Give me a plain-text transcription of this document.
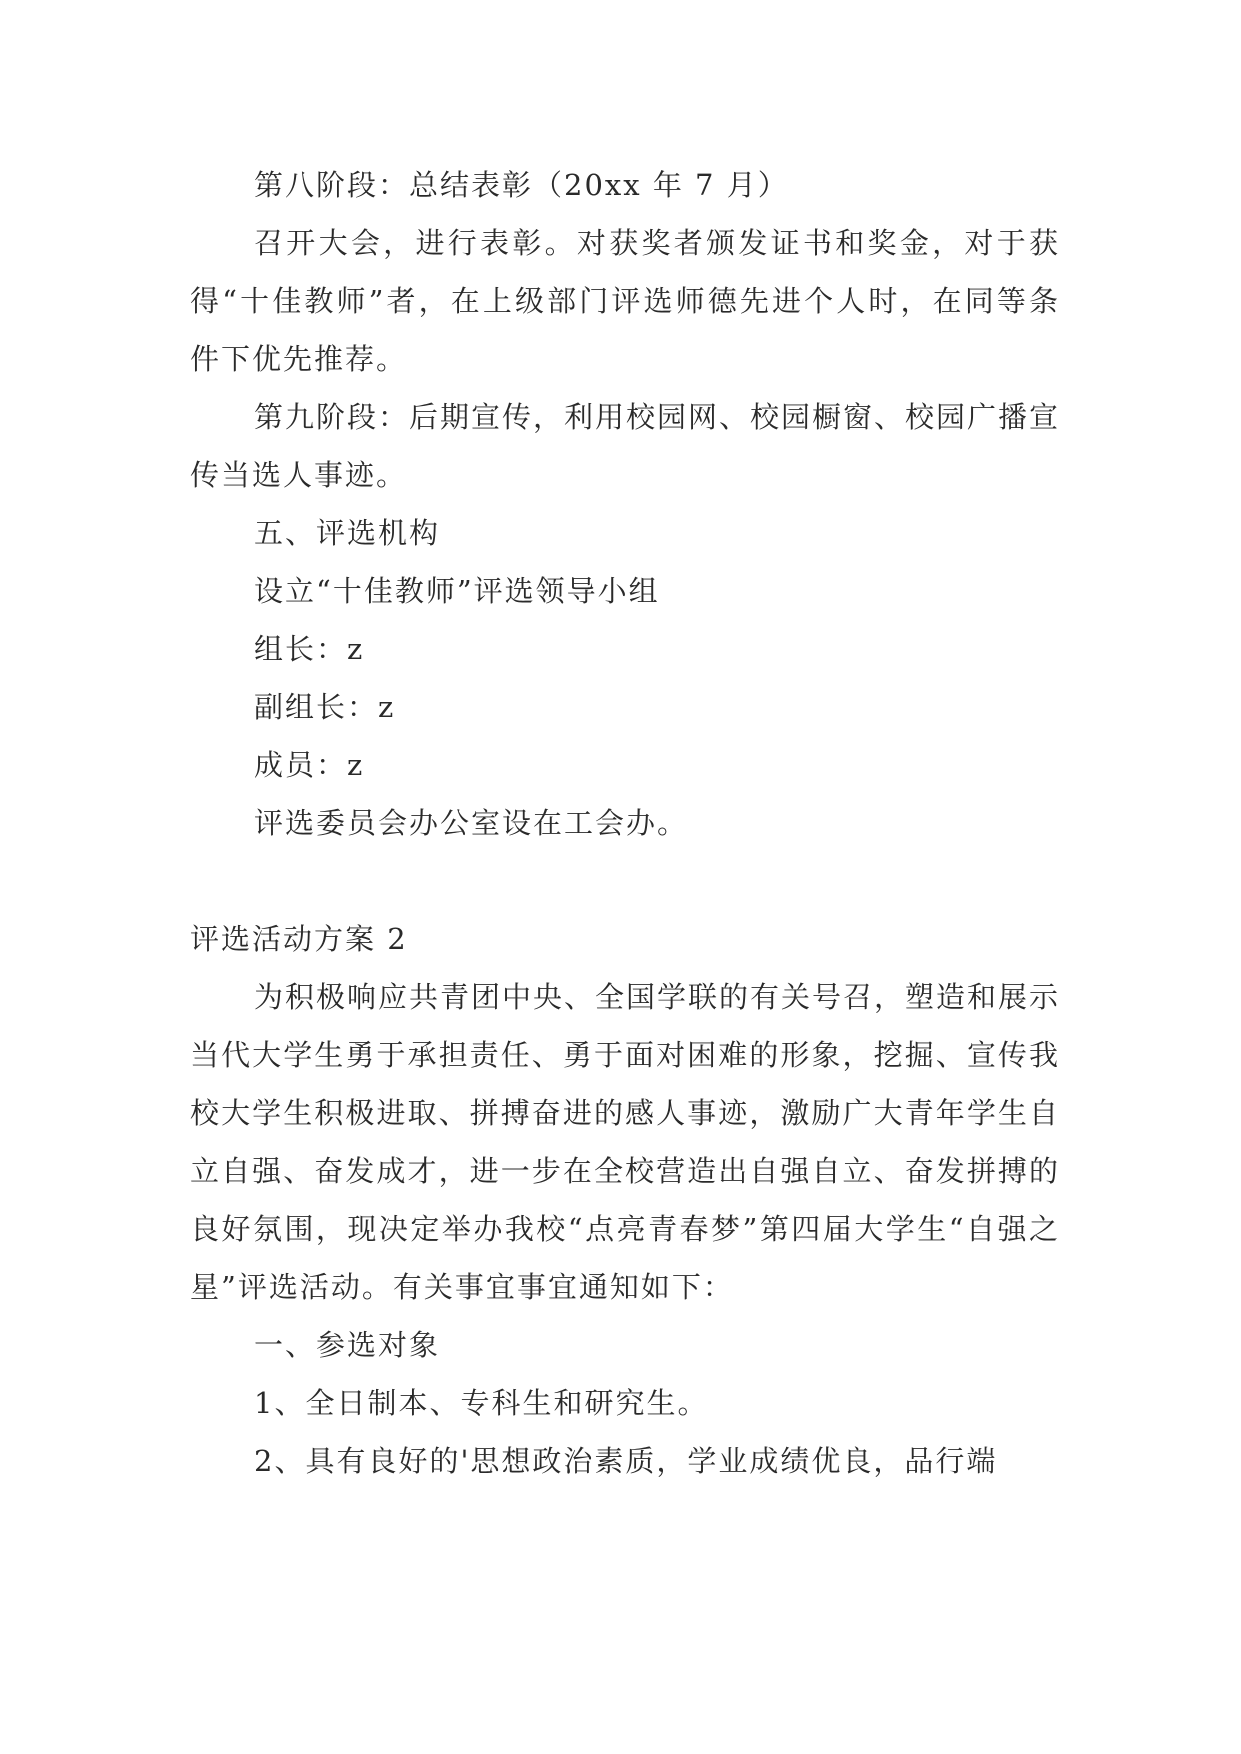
第八阶段：总结表彰（20xx 年 7 月）

召开大会，进行表彰。对获奖者颁发证书和奖金，对于获得“十佳教师”者，在上级部门评选师德先进个人时，在同等条件下优先推荐。

第九阶段：后期宣传，利用校园网、校园橱窗、校园广播宣传当选人事迹。

五、评选机构

设立“十佳教师”评选领导小组

组长：z

副组长：z

成员：z

评选委员会办公室设在工会办。

评选活动方案 2

为积极响应共青团中央、全国学联的有关号召，塑造和展示当代大学生勇于承担责任、勇于面对困难的形象，挖掘、宣传我校大学生积极进取、拼搏奋进的感人事迹，激励广大青年学生自立自强、奋发成才，进一步在全校营造出自强自立、奋发拼搏的良好氛围，现决定举办我校“点亮青春梦”第四届大学生“自强之星”评选活动。有关事宜事宜通知如下：

一、参选对象

1、全日制本、专科生和研究生。

2、具有良好的'思想政治素质，学业成绩优良，品行端
